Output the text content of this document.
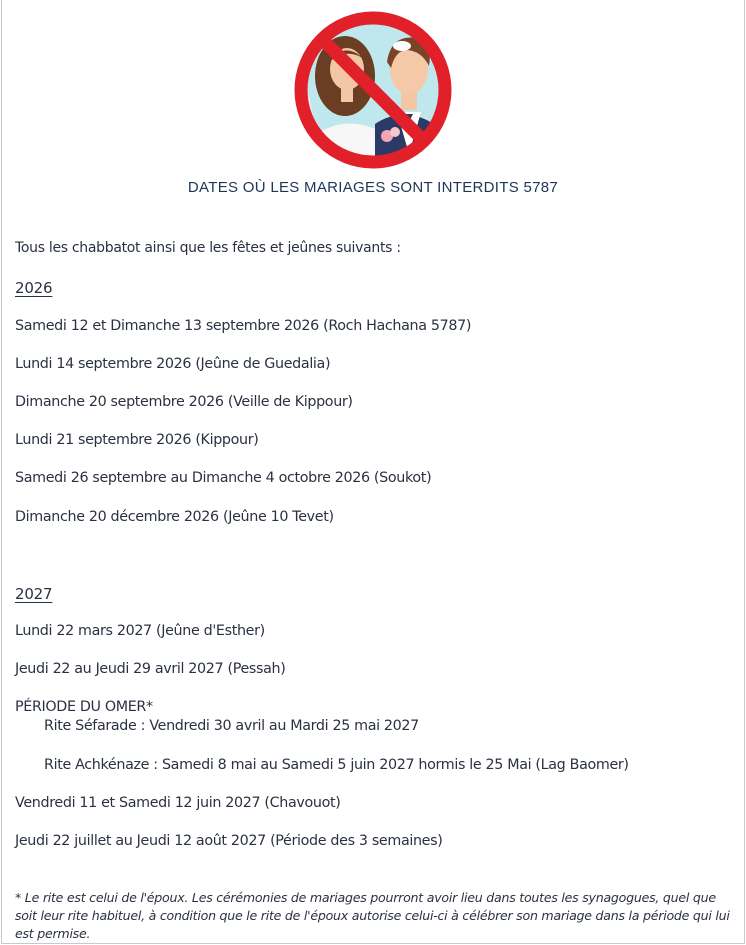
DATES OÙ LES MARIAGES SONT INTERDITS 5787
Tous les chabbatot ainsi que les fêtes et jeûnes suivants :
2026
Samedi 12 et Dimanche 13 septembre 2026 (Roch Hachana 5787)
Lundi 14 septembre 2026 (Jeûne de Guedalia)
Dimanche 20 septembre 2026 (Veille de Kippour)
Lundi 21 septembre 2026 (Kippour)
Samedi 26 septembre au Dimanche 4 octobre 2026 (Soukot)
Dimanche 20 décembre 2026 (Jeûne 10 Tevet)
2027
Lundi 22 mars 2027 (Jeûne d'Esther)
Jeudi 22 au Jeudi 29 avril 2027 (Pessah)
PÉRIODE DU OMER*
Rite Séfarade : Vendredi 30 avril au Mardi 25 mai 2027
Rite Achkénaze : Samedi 8 mai au Samedi 5 juin 2027 hormis le 25 Mai (Lag Baomer)
Vendredi 11 et Samedi 12 juin 2027 (Chavouot)
Jeudi 22 juillet au Jeudi 12 août 2027 (Période des 3 semaines)
* Le rite est celui de l'époux. Les cérémonies de mariages pourront avoir lieu dans toutes les synagogues, quel que soit leur rite habituel, à condition que le rite de l'époux autorise celui-ci à célébrer son mariage dans la période qui lui est permise.
